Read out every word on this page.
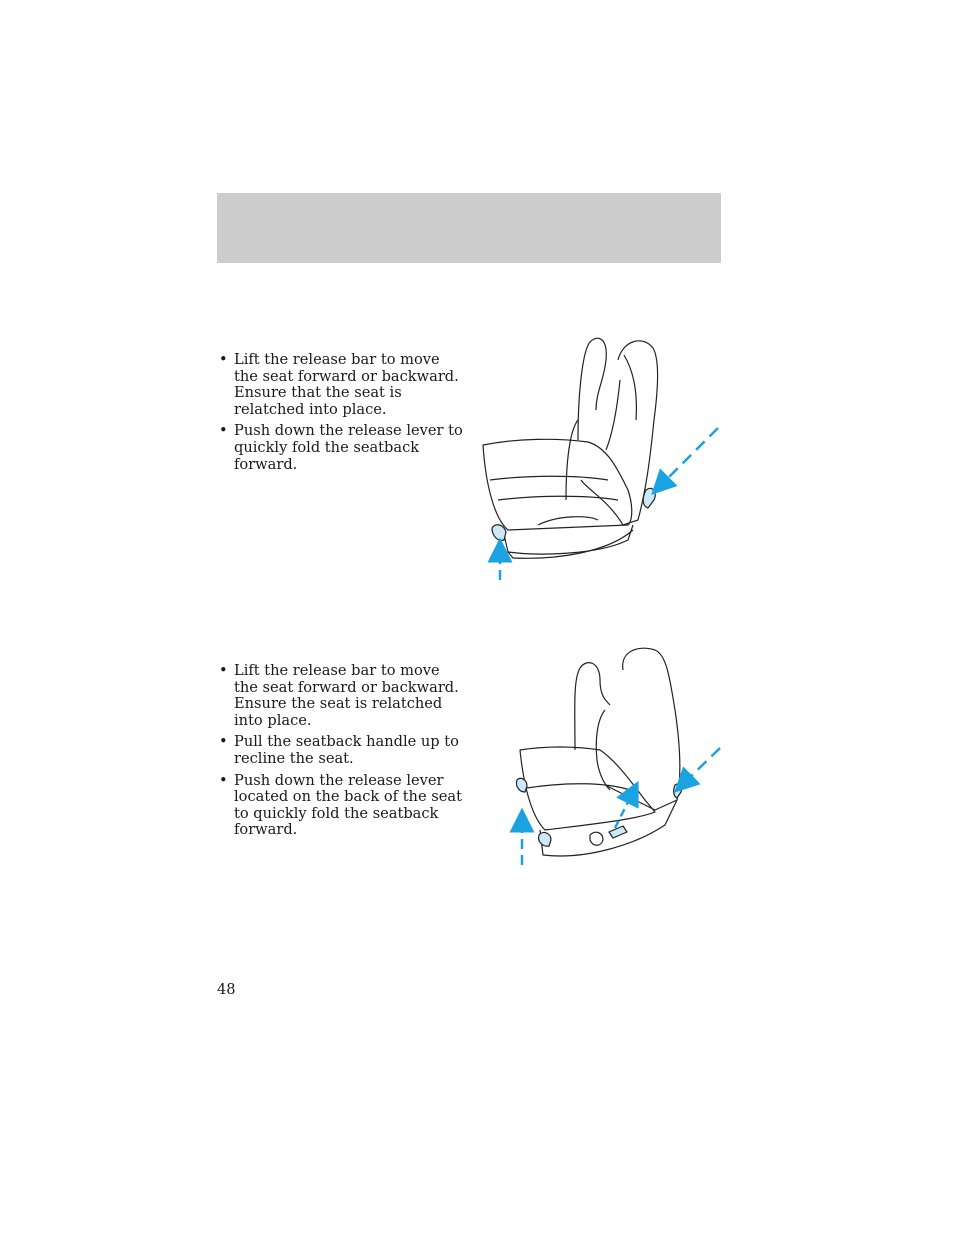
• Lift the release bar to move the seat forward or backward. Ensure that the seat is relatched into place.
• Push down the release lever to quickly fold the seatback forward.
• Lift the release bar to move the seat forward or backward. Ensure the seat is relatched into place.
• Pull the seatback handle up to recline the seat.
• Push down the release lever located on the back of the seat to quickly fold the seatback forward.
48
